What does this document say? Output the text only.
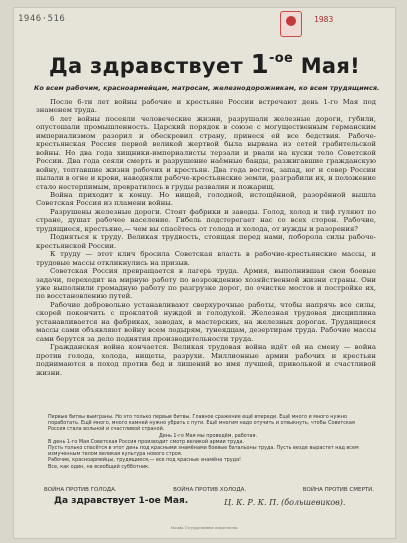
1946·516	1983
Да здравствует $1^{-ое}$ Мая!
Ко всем рабочим, красноармейцам, матросам, железнодорожникам, ко всем трудящимся.

После 6-ти лет войны рабочие и крестьяне России встречают день 1-го Мая под знаменем труда.

6 лет войны посеяли человеческие жизни, разрушали железные дороги, губили, опустошали промышленность. Царский порядок в союзе с могущественным германским империализмом разорил и обескровил страну, принеся ей все бедствия. Рабоче-крестьянская Россия первой великой жертвой была вырвана из сетей грабительской войны. Но два года хищники-империалисты терзали и рвали на куски тело Советской России. Два года сеяли смерть и разрушение наёмные банды, разжигавшие гражданскую войну, топтавшие жизни рабочих и крестьян. Два года восток, запад, юг и север России пылали в огне и крови, наводняли рабоче-крестьянские земли, разграбили их, и положение стало нестерпимым, превратилось в груды развалин и пожарищ.

Война приходит к концу. Но нищей, голодной, истощённой, разорённой вышла Советская Россия из пламени войны.

Разрушены железные дороги. Стоят фабрики и заводы. Голод, холод и тиф гуляют по стране, душат рабочее население. Гибель подстерегает нас со всех сторон. Рабочие, трудящиеся, крестьяне,— чем вы спасётесь от голода и холода, от нужды и разорения?

Подняться к труду. Великая трудность, стоящая перед нами, поборола силы рабоче-крестьянской России.

К труду — этот клич бросила Советская власть в рабочие-крестьянские массы, и трудовые массы откликнулись на призыв.

Советская Россия превращается в лагерь труда. Армия, выполнившая свои боевые задачи, переходит на мирную работу по возрождению хозяйственной жизни страны. Они уже выполнили громадную работу по разгрузке дорог, по очистке мостов и постройке их, по восстановлению путей.

Рабочие добровольно устанавливают сверхурочные работы, чтобы напрячь все силы, скорей покончить с проклятой нуждой и голодухой. Железная трудовая дисциплина устанавливается на фабриках, заводах, в мастерских, на железных дорогах. Трудящиеся массы сами объявляют войну всем лодырям, тунеядцам, дезертирам труда. Рабочие массы сами берутся за дело поднятия производительности труда.

Гражданская война кончается. Великая трудовая война идёт ей на смену — война против голода, холода, нищеты, разрухи. Миллионные армии рабочих и крестьян поднимаются в поход против бед и лишений во имя лучшей, привольной и счастливой жизни.

Первые битвы выиграны. Но это только первые битвы. Главное сражение ещё впереди. Ещё много и много нужно поработать. Ещё много, много камней нужно убрать с пути. Ещё многим надо отучить и отвыкнуть, чтобы Советская Россия стала вольной и счастливой страной.

День 1-го Мая мы проведём, работая.

В день 1-го Мая Советская Россия производит смотр великой армии труда.

Пусть только спасётся в этот день под красными знамёнами боевые батальоны труда. Пусть везде вырастет над всем измученным телом великая культура нового строя.

Рабочие, красноармейцы, трудящиеся,— все под красные знамёна труда!

Все, как один, на всеобщий субботник.

ВОЙНА ПРОТИВ ГОЛОДА.	ВОЙНА ПРОТИВ ХОЛОДА.	ВОЙНА ПРОТИВ СМЕРТИ.
Да здравствует 1-ое Мая.	Ц. К. Р. К. П. (большевиков).
Москва. Государственное издательство.
